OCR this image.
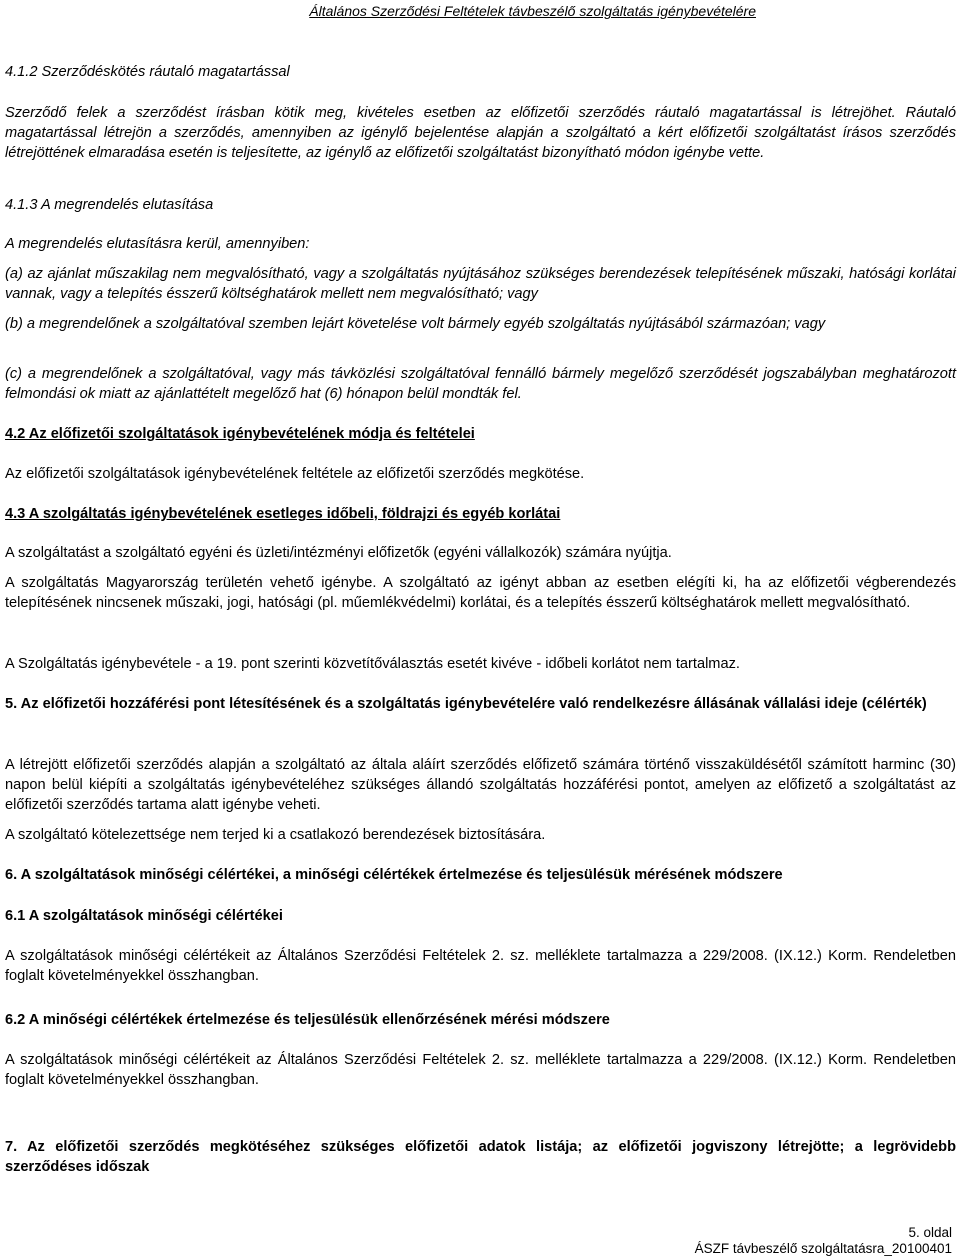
Általános Szerződési Feltételek távbeszélő szolgáltatás igénybevételére

4.1.2 Szerződéskötés ráutaló magatartással

Szerződő felek a szerződést írásban kötik meg, kivételes esetben az előfizetői szerződés ráutaló magatartással is létrejöhet. Ráutaló magatartással létrejön a szerződés, amennyiben az igénylő bejelentése alapján a szolgáltató a kért előfizetői szolgáltatást írásos szerződés létrejöttének elmaradása esetén is teljesítette, az igénylő az előfizetői szolgáltatást bizonyítható módon igénybe vette.

4.1.3 A megrendelés elutasítása

A megrendelés elutasításra kerül, amennyiben:

(a) az ajánlat műszakilag nem megvalósítható, vagy a szolgáltatás nyújtásához szükséges berendezések telepítésének műszaki, hatósági korlátai vannak, vagy a telepítés ésszerű költséghatárok mellett nem megvalósítható; vagy

(b) a megrendelőnek a szolgáltatóval szemben lejárt követelése volt bármely egyéb szolgáltatás nyújtásából származóan; vagy

(c) a megrendelőnek a szolgáltatóval, vagy más távközlési szolgáltatóval fennálló bármely megelőző szerződését jogszabályban meghatározott felmondási ok miatt az ajánlattételt megelőző hat (6) hónapon belül mondták fel.

4.2 Az előfizetői szolgáltatások igénybevételének módja és feltételei

Az előfizetői szolgáltatások igénybevételének feltétele az előfizetői szerződés megkötése.

4.3 A szolgáltatás igénybevételének esetleges időbeli, földrajzi és egyéb korlátai

A szolgáltatást a szolgáltató egyéni és üzleti/intézményi előfizetők (egyéni vállalkozók) számára nyújtja.

A szolgáltatás Magyarország területén vehető igénybe. A szolgáltató az igényt abban az esetben elégíti ki, ha az előfizetői végberendezés telepítésének nincsenek műszaki, jogi, hatósági (pl. műemlékvédelmi) korlátai, és a telepítés ésszerű költséghatárok mellett megvalósítható.

A Szolgáltatás igénybevétele - a 19. pont szerinti közvetítőválasztás esetét kivéve - időbeli korlátot nem tartalmaz.

5. Az előfizetői hozzáférési pont létesítésének és a szolgáltatás igénybevételére való rendelkezésre állásának vállalási ideje (célérték)

A létrejött előfizetői szerződés alapján a szolgáltató az általa aláírt szerződés előfizető számára történő visszaküldésétől számított harminc (30) napon belül kiépíti a szolgáltatás igénybevételéhez szükséges állandó szolgáltatás hozzáférési pontot, amelyen az előfizető a szolgáltatást az előfizetői szerződés tartama alatt igénybe veheti.

A szolgáltató kötelezettsége nem terjed ki a csatlakozó berendezések biztosítására.

6. A szolgáltatások minőségi célértékei, a minőségi célértékek értelmezése és teljesülésük mérésének módszere

6.1 A szolgáltatások minőségi célértékei

A szolgáltatások minőségi célértékeit az Általános Szerződési Feltételek 2. sz. melléklete tartalmazza a 229/2008. (IX.12.) Korm. Rendeletben foglalt követelményekkel összhangban.

6.2 A minőségi célértékek értelmezése és teljesülésük ellenőrzésének mérési módszere

A szolgáltatások minőségi célértékeit az Általános Szerződési Feltételek 2. sz. melléklete tartalmazza a 229/2008. (IX.12.) Korm. Rendeletben foglalt követelményekkel összhangban.

7. Az előfizetői szerződés megkötéséhez szükséges előfizetői adatok listája; az előfizetői jogviszony létrejötte; a legrövidebb szerződéses időszak

5. oldal
ÁSZF távbeszélő szolgáltatásra_20100401
